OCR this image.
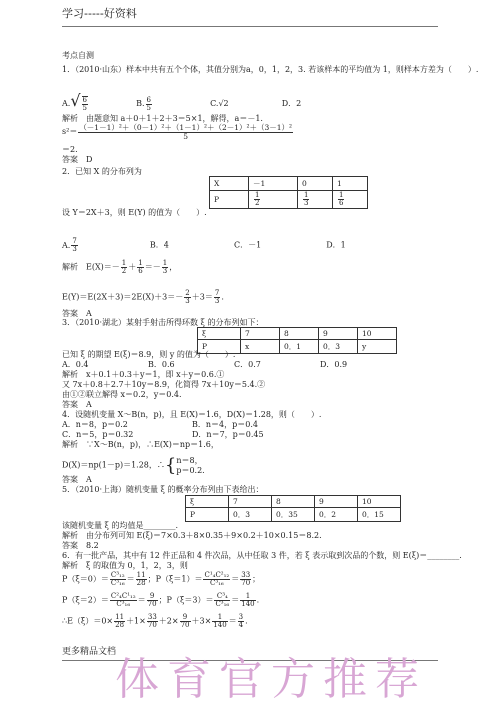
学习-----好资料
考点自测
1．（2010·山东）样本中共有五个个体，其值分别为a，0，1，2，3. 若该样本的平均值为 1，则样本方差为（　　）.
$A.√ \frac{6}{5}$	B. $\frac{6}{5}$	C.√2	D．2
解析　由题意知 a＋0＋1＋2＋3＝5×1，解得，a＝－1.
$s^2= \frac{\text{（－1－1）²＋（0－1）²＋（1－1）²＋（2－1）²＋（3－1）²}}{5}$
＝2.
答案　D
2．已知 X 的分布列为
X	－1	0	1
P	$\frac{1}{2}$	$\frac{1}{3}$	$\frac{1}{6}$
设 Y＝2X＋3，则 E(Y) 的值为（　　）.
A. $\frac{7}{3}$	B．4	C．－1	D．1
解析　$E(X)=- \frac{1}{2} + \frac{1}{6} =- \frac{1}{3}$ ，
$E(Y)=E(2X+3)=2E(X)+3=- \frac{2}{3} +3= \frac{7}{3}$ .
答案　A
3．（2010·湖北）某射手射击所得环数 ξ 的分布列如下：
ξ	7	8	9	10
P	x	0．1	0．3	y
已知 ξ 的期望 E(ξ)＝8.9，则 y 的值为（　　）.
A．0.4	B．0.6	C．0.7	D．0.9
解析　x＋0.1＋0.3＋y＝1，即 x＋y＝0.6.①
又 7x＋0.8＋2.7＋10y＝8.9，化简得 7x＋10y＝5.4.②
由①②联立解得 x＝0.2，y＝0.4.
答案　A
4．设随机变量 X～B(n，p)，且 E(X)＝1.6，D(X)＝1.28，则（　　）.
A．n＝8，p＝0.2	B．n＝4，p＝0.4
C．n＝5，p＝0.32	D．n＝7，p＝0.45
解析　∵X～B(n，p)，∴E(X)＝np＝1.6，
D(X)＝np(1－p)＝1.28，∴{ n＝8，
p＝0.2.
答案　A
5．（2010·上海）随机变量 ξ 的概率分布列由下表给出：
ξ	7	8	9	10
P	0．3	0．35	0．2	0．15
该随机变量 ξ 的均值是________.
解析　由分布列可知 E(ξ)＝7×0.3＋8×0.35＋9×0.2＋10×0.15＝8.2.
答案　8.2
6．有一批产品，其中有 12 件正品和 4 件次品，从中任取 3 件，若 ξ 表示取到次品的个数，则 E(ξ)＝________.
解析　ξ 的取值为 0，1，2，3，则
$P(\xi=0)= \frac{\text{C³₁₂}}{\text{C³₁₆}} = \frac{11}{28}$ ；$P(\xi=1)= \frac{\text{C¹₄C²₁₂}}{\text{C³₁₆}} = \frac{33}{70}$ ；
$P(\xi=2)= \frac{\text{C²₄C¹₁₂}}{\text{C³₁₆}} = \frac{9}{70}$ ；$P(\xi=3)= \frac{\text{C³₄}}{\text{C³₁₆}} = \frac{1}{140}$ .
∴E（ξ）＝0× $\frac{11}{28} +1\times \frac{33}{70} +2\times \frac{9}{70} +3\times \frac{1}{140} = \frac{3}{4}$ .
更多精品文档
体育官方推荐
